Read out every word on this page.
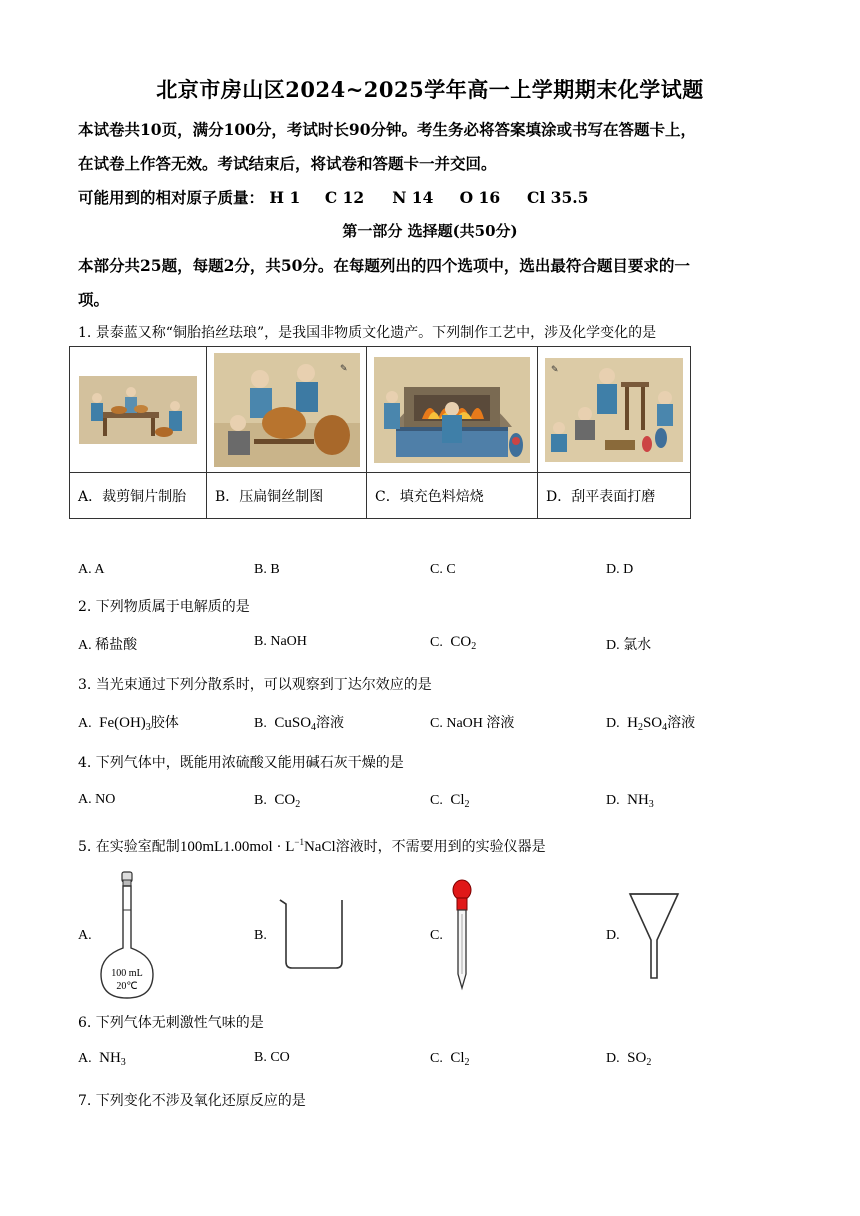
北京市房山区2024~2025学年高一上学期期末化学试题
本试卷共10页，满分100分，考试时长90分钟。考生务必将答案填涂或书写在答题卡上，
在试卷上作答无效。考试结束后，将试卷和答题卡一并交回。
可能用到的相对原子质量： H 1 C 12 N 14 O 16 Cl 35.5
第一部分 选择题(共50分)
本部分共25题，每题2分，共50分。在每题列出的四个选项中，选出最符合题目要求的一
项。
1. 景泰蓝又称“铜胎掐丝珐琅”，是我国非物质文化遗产。下列制作工艺中，涉及化学变化的是

✎		✎

A．裁剪铜片制胎	B．压扁铜丝制图	C．填充色料焙烧	D．刮平表面打磨
A. A	B. B	C. C	D. D
2. 下列物质属于电解质的是
A. 稀盐酸	B. NaOH	C. $CO_2$	D. 氯水
3. 当光束通过下列分散系时，可以观察到丁达尔效应的是
A. $Fe(OH)_3$胶体	B. CuSO$_4$溶液	C. NaOH 溶液	D. $H_2SO_4$溶液
4. 下列气体中，既能用浓硫酸又能用碱石灰干燥的是
A. NO	B. $CO_2$	C. $Cl_2$	D. $NH_3$
5. 在实验室配制$100mL1.00mol \cdot L^{-1}NaCl$溶液时，不需要用到的实验仪器是
A.
100 mL
20℃
B.	C.	D.
6. 下列气体无刺激性气味的是
A. $NH_3$	B. CO	C. $Cl_2$	D. $SO_2$
7. 下列变化不涉及氧化还原反应的是
